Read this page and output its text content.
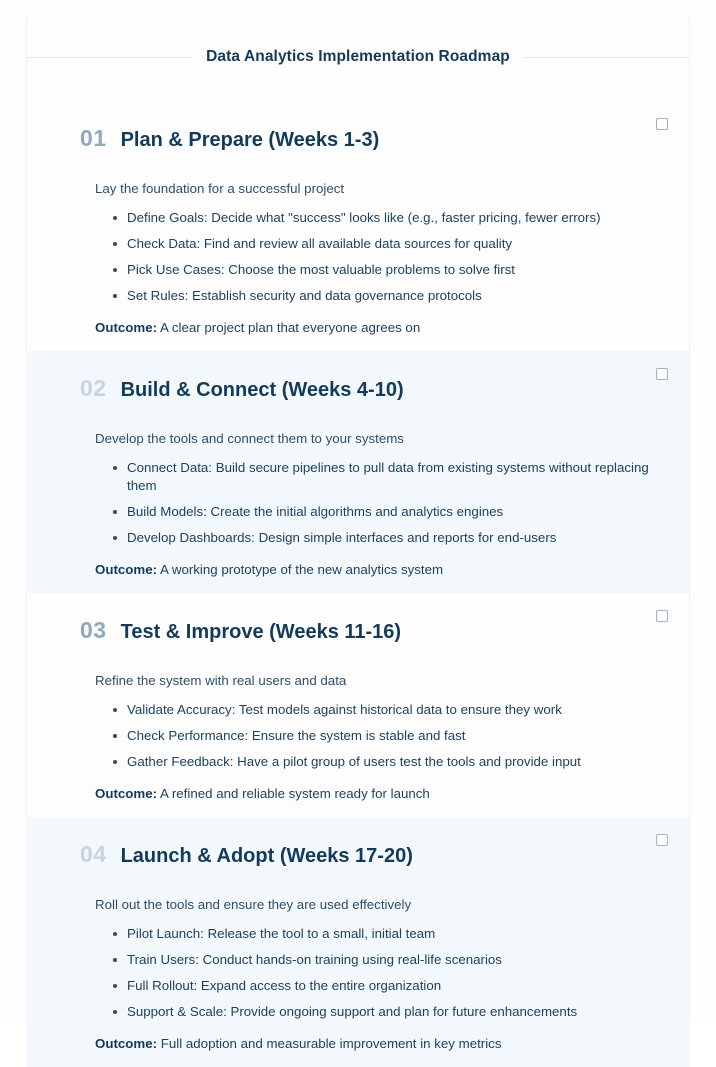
Data Analytics Implementation Roadmap
01 Plan & Prepare (Weeks 1-3)

Lay the foundation for a successful project

Define Goals: Decide what "success" looks like (e.g., faster pricing, fewer errors)
Check Data: Find and review all available data sources for quality
Pick Use Cases: Choose the most valuable problems to solve first
Set Rules: Establish security and data governance protocols

Outcome: A clear project plan that everyone agrees on

02 Build & Connect (Weeks 4-10)

Develop the tools and connect them to your systems

Connect Data: Build secure pipelines to pull data from existing systems without replacing them
Build Models: Create the initial algorithms and analytics engines
Develop Dashboards: Design simple interfaces and reports for end-users

Outcome: A working prototype of the new analytics system

03 Test & Improve (Weeks 11-16)

Refine the system with real users and data

Validate Accuracy: Test models against historical data to ensure they work
Check Performance: Ensure the system is stable and fast
Gather Feedback: Have a pilot group of users test the tools and provide input

Outcome: A refined and reliable system ready for launch

04 Launch & Adopt (Weeks 17-20)

Roll out the tools and ensure they are used effectively

Pilot Launch: Release the tool to a small, initial team
Train Users: Conduct hands-on training using real-life scenarios
Full Rollout: Expand access to the entire organization
Support & Scale: Provide ongoing support and plan for future enhancements

Outcome: Full adoption and measurable improvement in key metrics
